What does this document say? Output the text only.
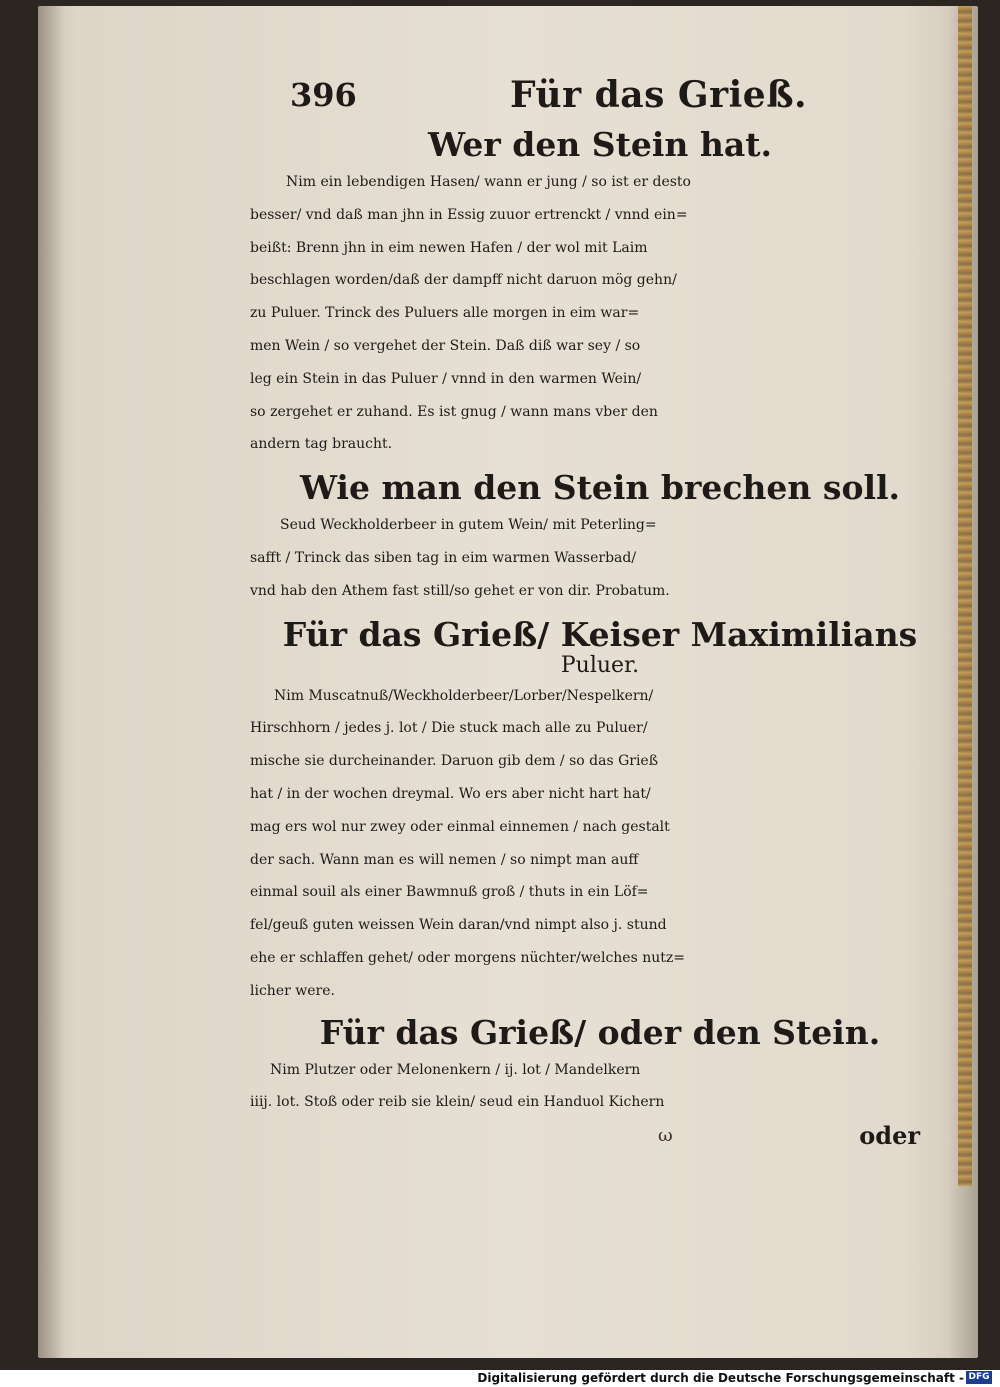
396	Für das Grieß.

Wer den Stein hat.

Nim ein lebendigen Hasen/ wann er jung / so ist er desto

besser/ vnd daß man jhn in Essig zuuor ertrenckt / vnnd ein=

beißt: Brenn jhn in eim newen Hafen / der wol mit Laim

beschlagen worden/daß der dampff nicht daruon mög gehn/

zu Puluer. Trinck des Puluers alle morgen in eim war=

men Wein / so vergehet der Stein. Daß diß war sey / so

leg ein Stein in das Puluer / vnnd in den warmen Wein/

so zergehet er zuhand. Es ist gnug / wann mans vber den

andern tag braucht.

Wie man den Stein brechen soll.

Seud Weckholderbeer in gutem Wein/ mit Peterling=

safft / Trinck das siben tag in eim warmen Wasserbad/

vnd hab den Athem fast still/so gehet er von dir. Probatum.

Für das Grieß/ Keiser Maximilians

Puluer.

Nim Muscatnuß/Weckholderbeer/Lorber/Nespelkern/

Hirschhorn / jedes j. lot / Die stuck mach alle zu Puluer/

mische sie durcheinander. Daruon gib dem / so das Grieß

hat / in der wochen dreymal. Wo ers aber nicht hart hat/

mag ers wol nur zwey oder einmal einnemen / nach gestalt

der sach. Wann man es will nemen / so nimpt man auff

einmal souil als einer Bawmnuß groß / thuts in ein Löf=

fel/geuß guten weissen Wein daran/vnd nimpt also j. stund

ehe er schlaffen gehet/ oder morgens nüchter/welches nutz=

licher were.

Für das Grieß/ oder den Stein.

Nim Plutzer oder Melonenkern / ij. lot / Mandelkern

iiij. lot. Stoß oder reib sie klein/ seud ein Handuol Kichern

ω	oder
Digitalisierung gefördert durch die Deutsche Forschungsgemeinschaft - DFG
